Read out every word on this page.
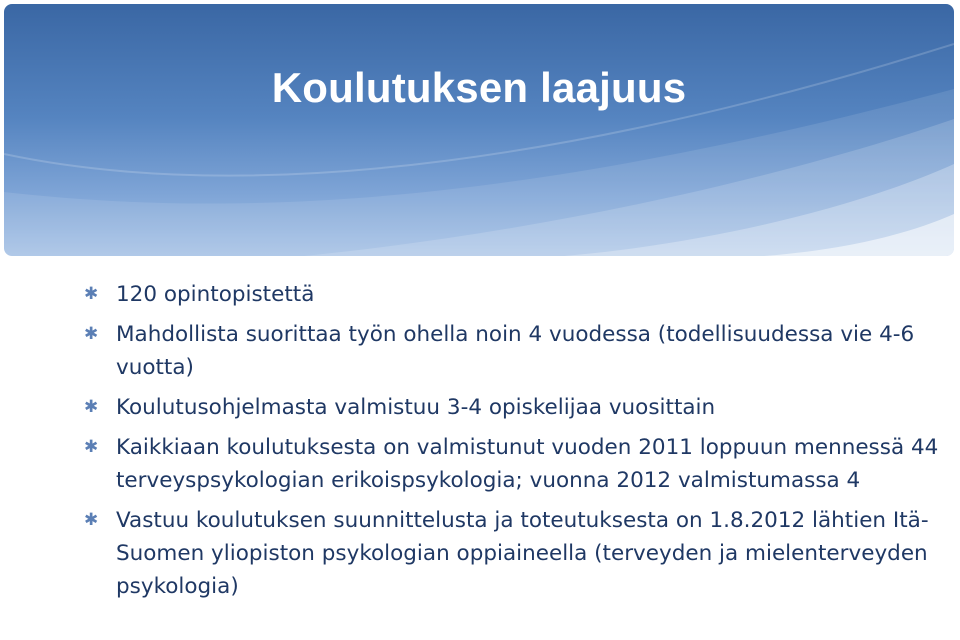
Koulutuksen laajuus
✱ 120 opintopistettä
✱ Mahdollista suorittaa työn ohella noin 4 vuodessa (todellisuudessa vie 4-6 vuotta)
✱ Koulutusohjelmasta valmistuu 3-4 opiskelijaa vuosittain
✱ Kaikkiaan koulutuksesta on valmistunut vuoden 2011 loppuun mennessä 44 terveyspsykologian erikoispsykologia; vuonna 2012 valmistumassa 4
✱ Vastuu koulutuksen suunnittelusta ja toteutuksesta on 1.8.2012 lähtien Itä-Suomen yliopiston psykologian oppiaineella (terveyden ja mielenterveyden psykologia)
